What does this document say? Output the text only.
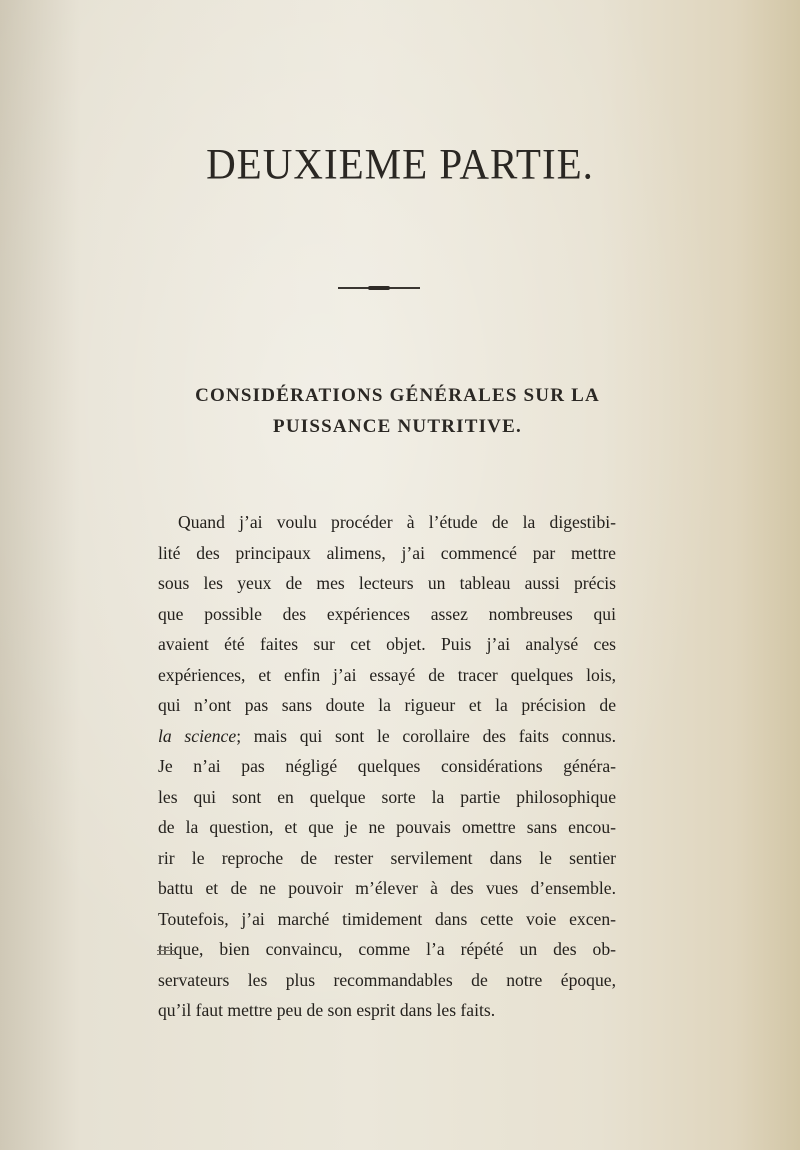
DEUXIEME PARTIE.
CONSIDÉRATIONS GÉNÉRALES SUR LA
PUISSANCE NUTRITIVE.
Quand j’ai voulu procéder à l’étude de la digestibi-
lité des principaux alimens, j’ai commencé par mettre
sous les yeux de mes lecteurs un tableau aussi précis
que possible des expériences assez nombreuses qui
avaient été faites sur cet objet. Puis j’ai analysé ces
expériences, et enfin j’ai essayé de tracer quelques lois,
qui n’ont pas sans doute la rigueur et la précision de
la science; mais qui sont le corollaire des faits connus.
Je n’ai pas négligé quelques considérations généra-
les qui sont en quelque sorte la partie philosophique
de la question, et que je ne pouvais omettre sans encou-
rir le reproche de rester servilement dans le sentier
battu et de ne pouvoir m’élever à des vues d’ensemble.
Toutefois, j’ai marché timidement dans cette voie excen-
trique, bien convaincu, comme l’a répété un des ob-
servateurs les plus recommandables de notre époque,
qu’il faut mettre peu de son esprit dans les faits.
